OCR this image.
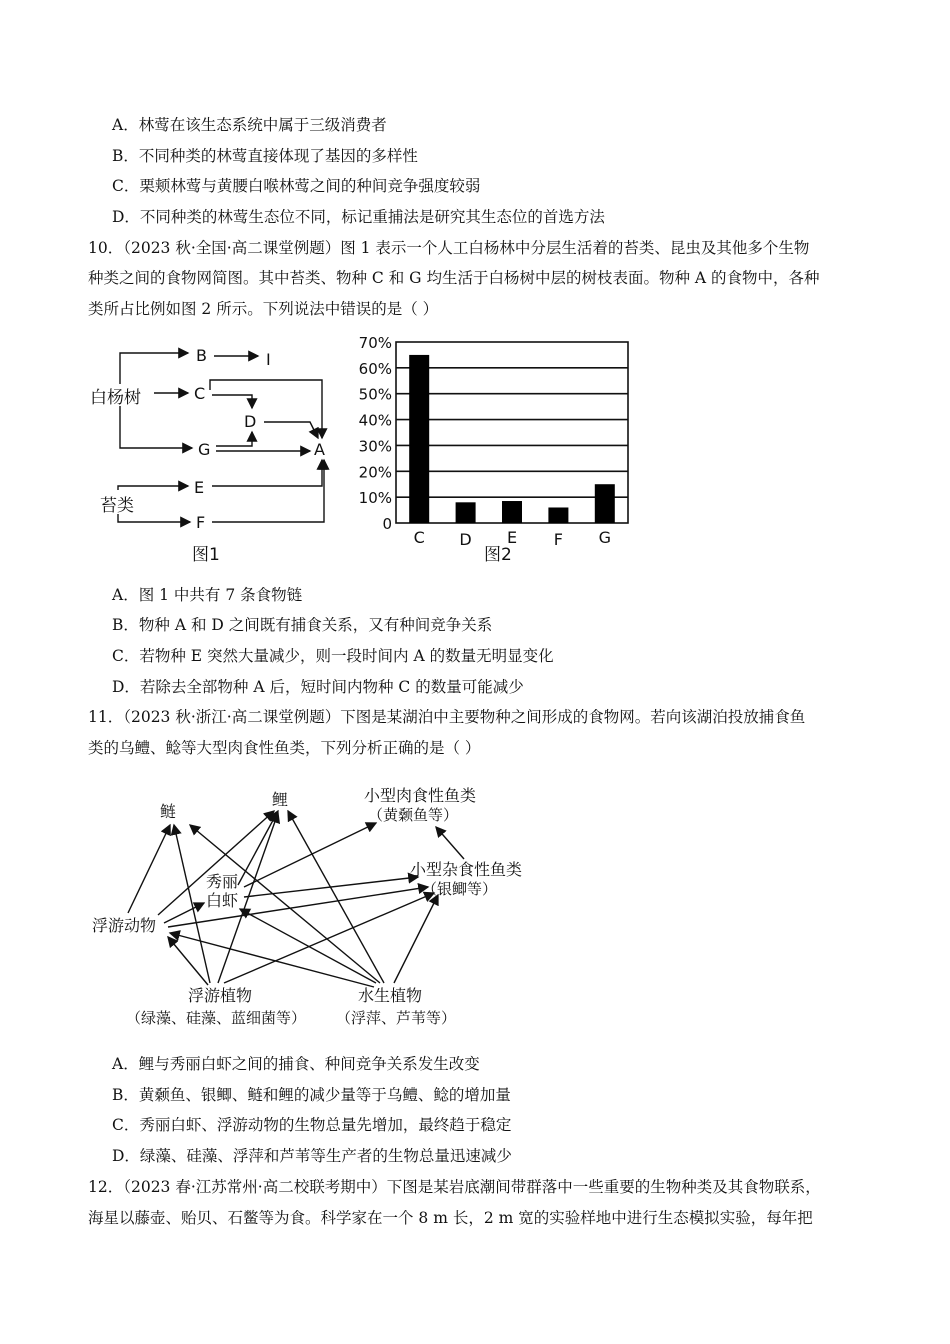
A．林莺在该生态系统中属于三级消费者
B．不同种类的林莺直接体现了基因的多样性
C．栗颊林莺与黄腰白喉林莺之间的种间竞争强度较弱
D．不同种类的林莺生态位不同，标记重捕法是研究其生态位的首选方法
10．（2023 秋·全国·高二课堂例题）图 1 表示一个人工白杨林中分层生活着的苔类、昆虫及其他多个生物
种类之间的食物网简图。其中苔类、物种 C 和 G 均生活于白杨树中层的树枝表面。物种 A 的食物中，各种
类所占比例如图 2 所示。下列说法中错误的是（ ）
白杨树
苔类
B	I
C
D
G	A
E
F
图1
0
10%
20%
30%
40%
50%
60%
70%
C D E F G
图2
A．图 1 中共有 7 条食物链
B．物种 A 和 D 之间既有捕食关系，又有种间竞争关系
C．若物种 E 突然大量减少，则一段时间内 A 的数量无明显变化
D．若除去全部物种 A 后，短时间内物种 C 的数量可能减少
11．（2023 秋·浙江·高二课堂例题）下图是某湖泊中主要物种之间形成的食物网。若向该湖泊投放捕食鱼
类的乌鳢、鲶等大型肉食性鱼类，下列分析正确的是（ ）
鲢
鲤	小型肉食性鱼类
（黄颡鱼等）
小型杂食性鱼类
（银鲫等）
秀丽
白虾
浮游动物
浮游植物
（绿藻、硅藻、蓝细菌等）
水生植物
（浮萍、芦苇等）
A．鲤与秀丽白虾之间的捕食、种间竞争关系发生改变
B．黄颡鱼、银鲫、鲢和鲤的减少量等于乌鳢、鲶的增加量
C．秀丽白虾、浮游动物的生物总量先增加，最终趋于稳定
D．绿藻、硅藻、浮萍和芦苇等生产者的生物总量迅速减少
12．（2023 春·江苏常州·高二校联考期中）下图是某岩底潮间带群落中一些重要的生物种类及其食物联系，
海星以藤壶、贻贝、石鳖等为食。科学家在一个 8 m 长，2 m 宽的实验样地中进行生态模拟实验，每年把
